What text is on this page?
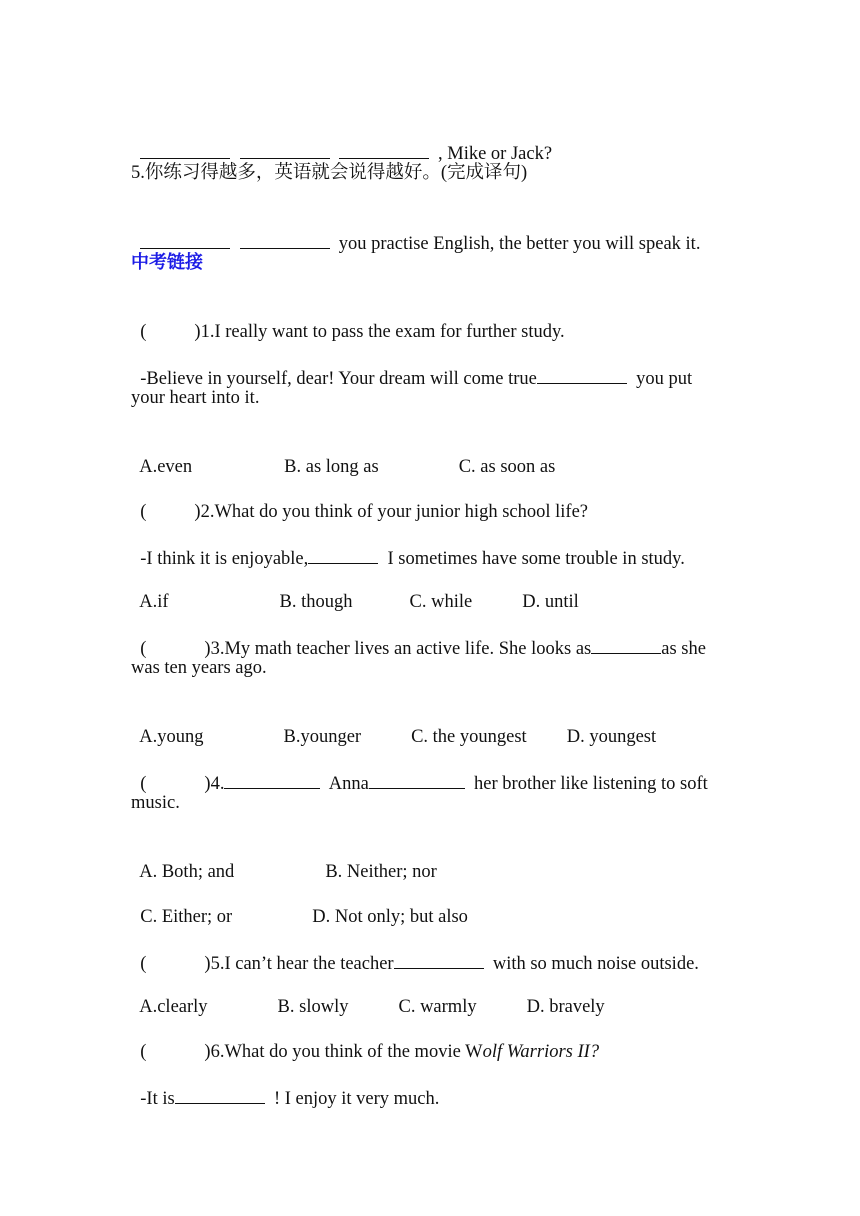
, Mike or Jack?

5.你练习得越多，英语就会说得越好。(完成译句)

you practise English, the better you will speak it.

中考链接

(	)1.I really want to pass the exam for further study.

-Believe in yourself, dear! Your dream will come true	you put

your heart into it.

A.even	B. as long as	C. as soon as

(	)2.What do you think of your junior high school life?

-I think it is enjoyable,	I sometimes have some trouble in study.

A.if	B. though	C. while	D. until

(	)3.My math teacher lives an active life. She looks as	as she

was ten years ago.

A.young	B.younger	C. the youngest D. youngest

(	)4.	Anna	her brother like listening to soft

music.

A. Both; and	B. Neither; nor

C. Either; or	D. Not only; but also

(	)5.I can’t hear the teacher	with so much noise outside.

A.clearly	B. slowly	C. warmly	D. bravely

(	)6.What do you think of the movie Wolf Warriors II?

-It is	! I enjoy it very much.
